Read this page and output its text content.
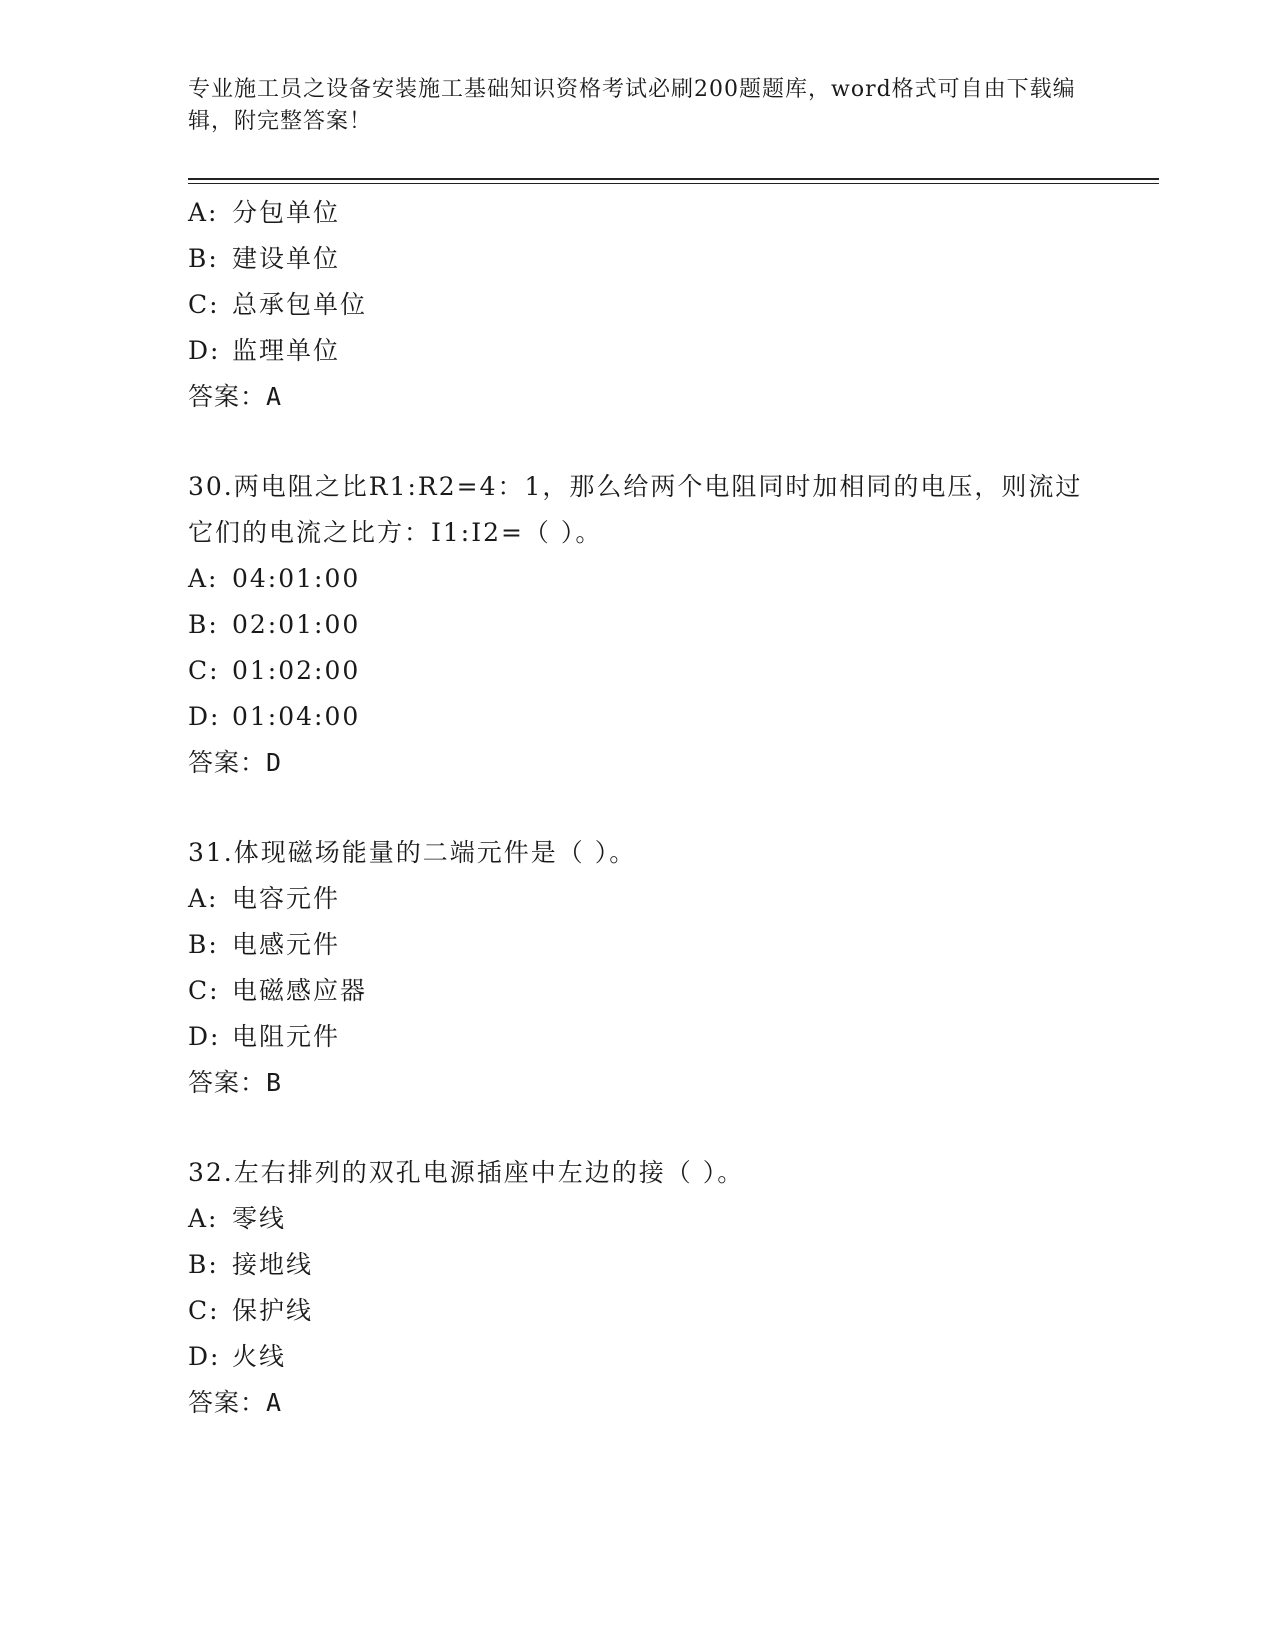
专业施工员之设备安装施工基础知识资格考试必刷200题题库，word格式可自由下载编辑，附完整答案！
A: 分包单位
B: 建设单位
C: 总承包单位
D: 监理单位
答案：A
30.两电阻之比R1:R2=4：1，那么给两个电阻同时加相同的电压，则流过它们的电流之比方：I1:I2=（ ）。
A: 04:01:00
B: 02:01:00
C: 01:02:00
D: 01:04:00
答案：D
31.体现磁场能量的二端元件是（ ）。
A: 电容元件
B: 电感元件
C: 电磁感应器
D: 电阻元件
答案：B
32.左右排列的双孔电源插座中左边的接（ ）。
A: 零线
B: 接地线
C: 保护线
D: 火线
答案：A
